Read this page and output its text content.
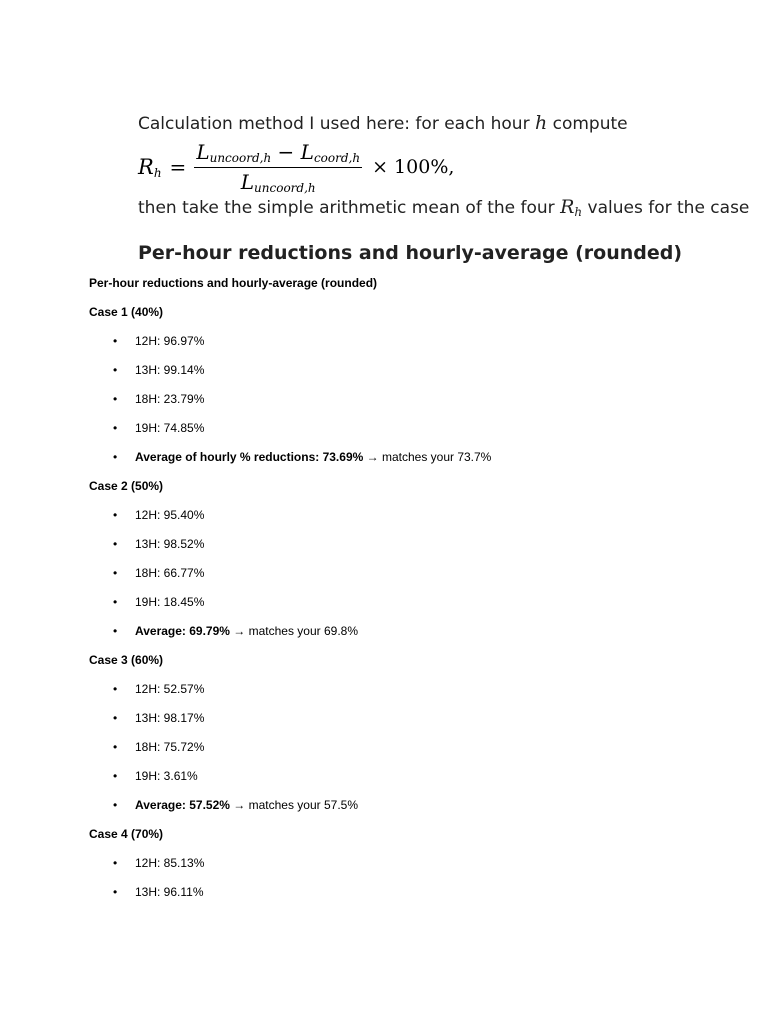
Calculation method I used here: for each hour h compute
$Rh = \frac{\text{Luncoord,h − Lcoord,h}}{\text{Luncoord,h}} \times 100\%$,
then take the simple arithmetic mean of the four Rh values for the case
Per-hour reductions and hourly-average (rounded)

Per-hour reductions and hourly-average (rounded)

Case 1 (40%)

• 12H: 96.97%
• 13H: 99.14%
• 18H: 23.79%
• 19H: 74.85%
• Average of hourly % reductions: 73.69% → matches your 73.7%

Case 2 (50%)

• 12H: 95.40%
• 13H: 98.52%
• 18H: 66.77%
• 19H: 18.45%
• Average: 69.79% → matches your 69.8%

Case 3 (60%)

• 12H: 52.57%
• 13H: 98.17%
• 18H: 75.72%
• 19H: 3.61%
• Average: 57.52% → matches your 57.5%

Case 4 (70%)

• 12H: 85.13%
• 13H: 96.11%
